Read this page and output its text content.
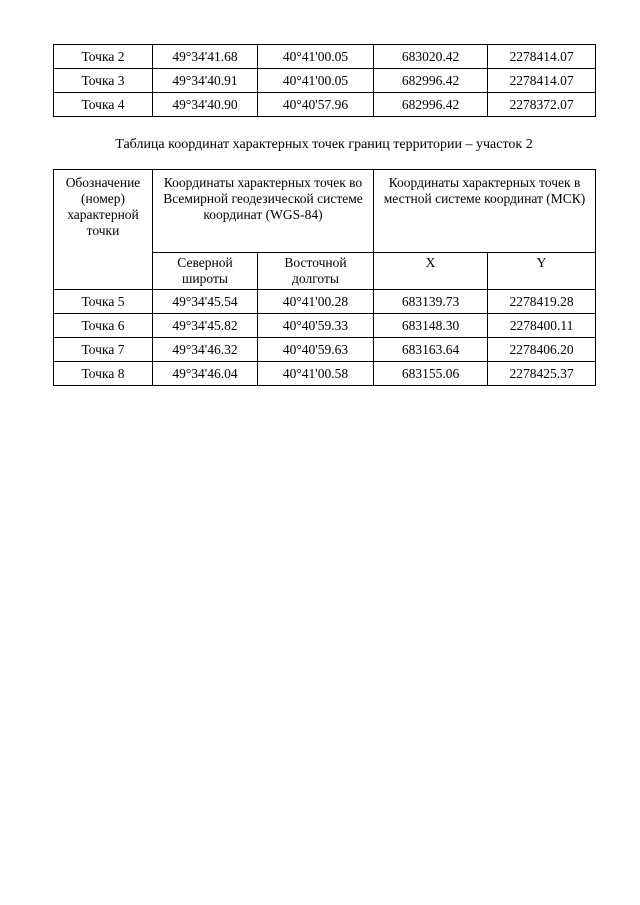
Точка 2	49°34'41.68	40°41'00.05	683020.42	2278414.07
Точка 3	49°34'40.91	40°41'00.05	682996.42	2278414.07
Точка 4	49°34'40.90	40°40'57.96	682996.42	2278372.07
Таблица координат характерных точек границ территории – участок 2
Обозначение (номер) характерной точки	Координаты характерных точек во Всемирной геодезической системе координат (WGS-84)		Координаты характерных точек в местной системе координат (МСК)	
	Северной широты	Восточной долготы	X	Y
Точка 5	49°34'45.54	40°41'00.28	683139.73	2278419.28
Точка 6	49°34'45.82	40°40'59.33	683148.30	2278400.11
Точка 7	49°34'46.32	40°40'59.63	683163.64	2278406.20
Точка 8	49°34'46.04	40°41'00.58	683155.06	2278425.37
